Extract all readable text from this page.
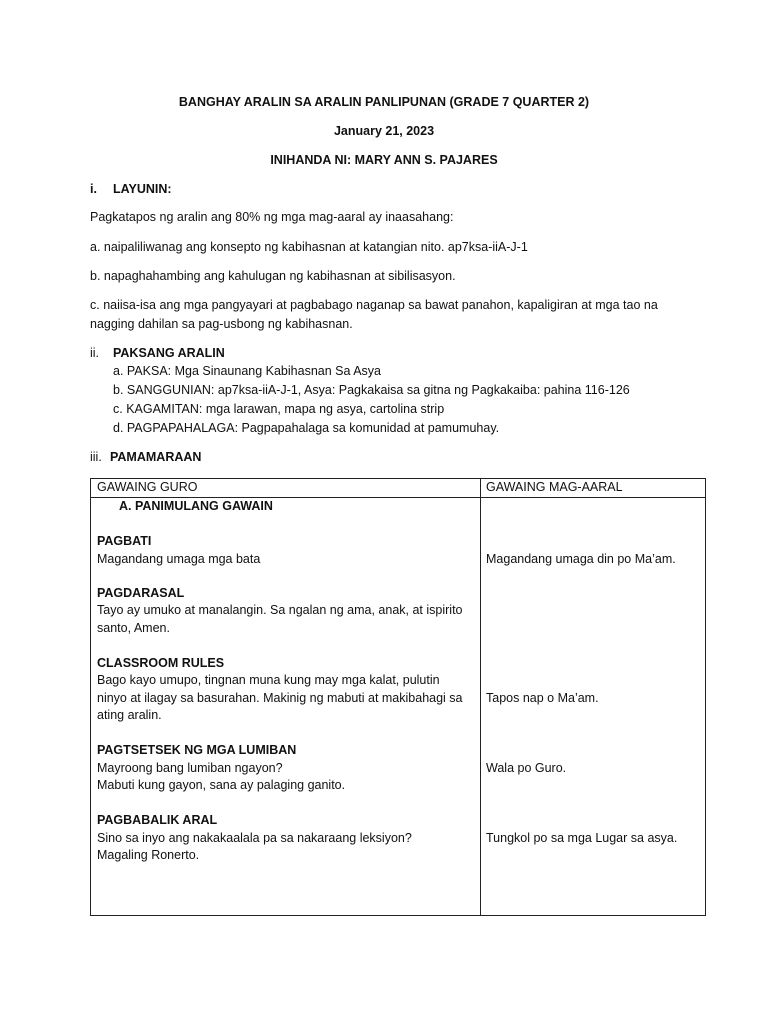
BANGHAY ARALIN SA ARALIN PANLIPUNAN (GRADE 7 QUARTER 2)
January 21, 2023
INIHANDA NI: MARY ANN S. PAJARES
i. LAYUNIN:
Pagkatapos ng aralin ang 80% ng mga mag-aaral ay inaasahang:
a. naipaliliwanag ang konsepto ng kabihasnan at katangian nito. ap7ksa-iiA-J-1
b. napaghahambing ang kahulugan ng kabihasnan at sibilisasyon.
c. naiisa-isa ang mga pangyayari at pagbabago naganap sa bawat panahon, kapaligiran at mga tao na
nagging dahilan sa pag-usbong ng kabihasnan.
ii. PAKSANG ARALIN
a. PAKSA: Mga Sinaunang Kabihasnan Sa Asya
b. SANGGUNIAN: ap7ksa-iiA-J-1, Asya: Pagkakaisa sa gitna ng Pagkakaiba: pahina 116-126
c. KAGAMITAN: mga larawan, mapa ng asya, cartolina strip
d. PAGPAPAHALAGA: Pagpapahalaga sa komunidad at pamumuhay.
iii. PAMAMARAAN
GAWAING GURO	GAWAING MAG-AARAL
A. PANIMULANG GAWAIN
PAGBATI
Magandang umaga mga bata	Magandang umaga din po Ma’am.
PAGDARASAL
Tayo ay umuko at manalangin. Sa ngalan ng ama, anak, at ispirito
santo, Amen.
CLASSROOM RULES
Bago kayo umupo, tingnan muna kung may mga kalat, pulutin
ninyo at ilagay sa basurahan. Makinig ng mabuti at makibahagi sa
ating aralin.
Tapos nap o Ma’am.
PAGTSETSEK NG MGA LUMIBAN
Mayroong bang lumiban ngayon?
Mabuti kung gayon, sana ay palaging ganito.
Wala po Guro.
PAGBABALIK ARAL
Sino sa inyo ang nakakaalala pa sa nakaraang leksiyon?
Magaling Ronerto.
Tungkol po sa mga Lugar sa asya.
